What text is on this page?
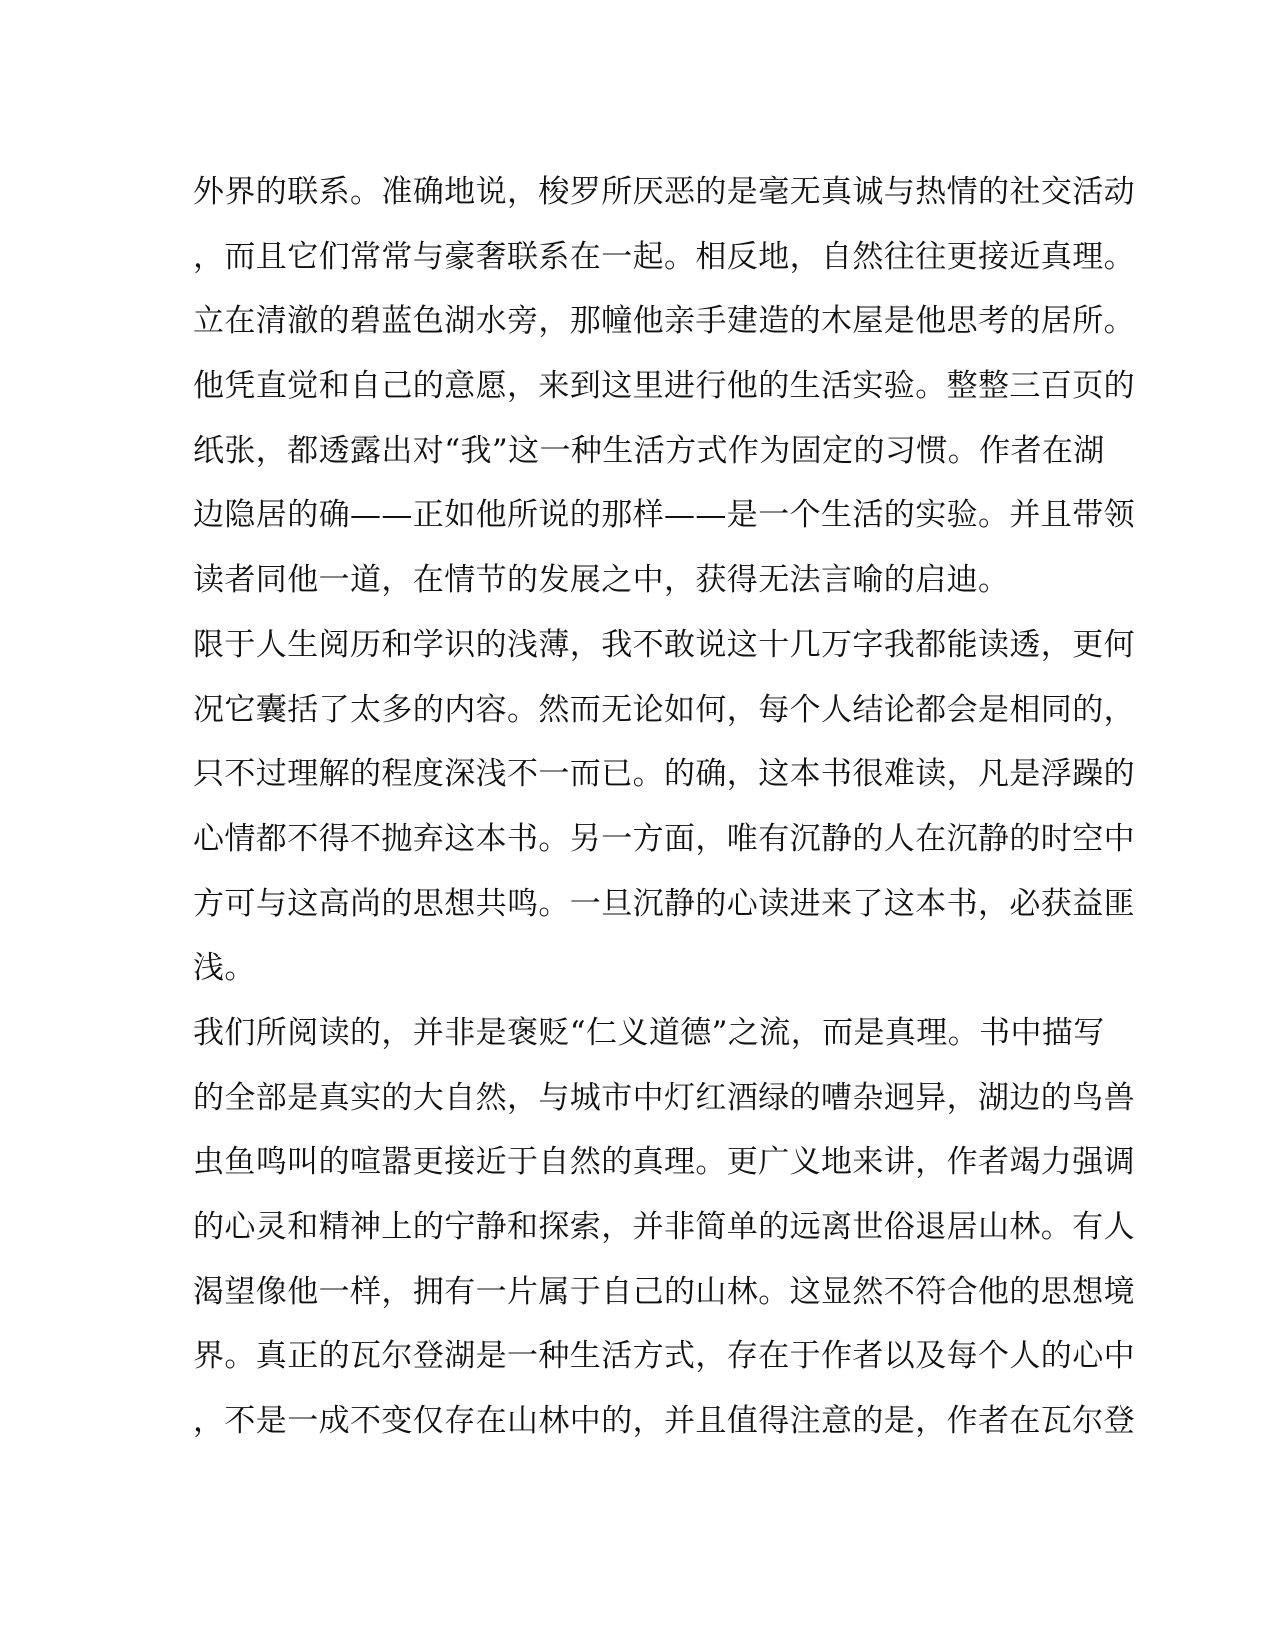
外界的联系。准确地说，梭罗所厌恶的是毫无真诚与热情的社交活动
，而且它们常常与豪奢联系在一起。相反地，自然往往更接近真理。
立在清澈的碧蓝色湖水旁，那幢他亲手建造的木屋是他思考的居所。
他凭直觉和自己的意愿，来到这里进行他的生活实验。整整三百页的
纸张，都透露出对“我”这一种生活方式作为固定的习惯。作者在湖
边隐居的确——正如他所说的那样——是一个生活的实验。并且带领
读者同他一道，在情节的发展之中，获得无法言喻的启迪。
限于人生阅历和学识的浅薄，我不敢说这十几万字我都能读透，更何
况它囊括了太多的内容。然而无论如何，每个人结论都会是相同的，
只不过理解的程度深浅不一而已。的确，这本书很难读，凡是浮躁的
心情都不得不抛弃这本书。另一方面，唯有沉静的人在沉静的时空中
方可与这高尚的思想共鸣。一旦沉静的心读进来了这本书，必获益匪
浅。
我们所阅读的，并非是褒贬“仁义道德”之流，而是真理。书中描写
的全部是真实的大自然，与城市中灯红酒绿的嘈杂迥异，湖边的鸟兽
虫鱼鸣叫的喧嚣更接近于自然的真理。更广义地来讲，作者竭力强调
的心灵和精神上的宁静和探索，并非简单的远离世俗退居山林。有人
渴望像他一样，拥有一片属于自己的山林。这显然不符合他的思想境
界。真正的瓦尔登湖是一种生活方式，存在于作者以及每个人的心中
，不是一成不变仅存在山林中的，并且值得注意的是，作者在瓦尔登
